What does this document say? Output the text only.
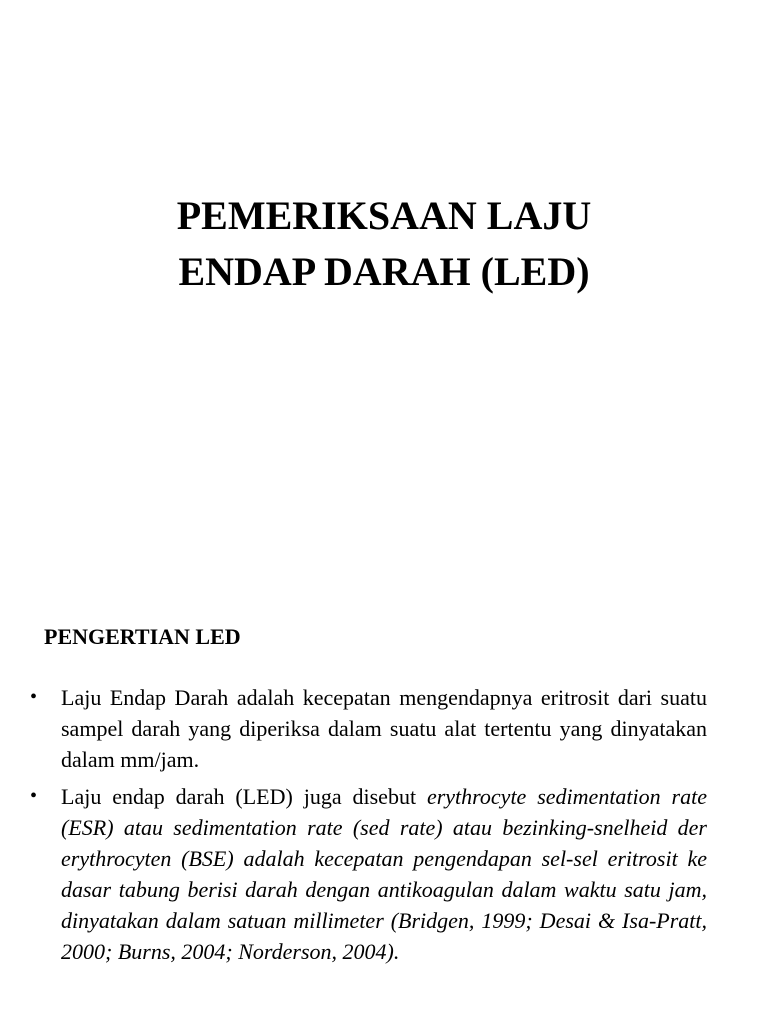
PEMERIKSAAN LAJU
ENDAP DARAH (LED)
PENGERTIAN LED
• Laju Endap Darah adalah kecepatan mengendapnya eritrosit dari suatu sampel darah yang diperiksa dalam suatu alat tertentu yang dinyatakan dalam mm/jam.
• Laju endap darah (LED) juga disebut erythrocyte sedimentation rate (ESR) atau sedimentation rate (sed rate) atau bezinking-snelheid der erythrocyten (BSE) adalah kecepatan pengendapan sel-sel eritrosit ke dasar tabung berisi darah dengan antikoagulan dalam waktu satu jam, dinyatakan dalam satuan millimeter (Bridgen, 1999; Desai & Isa-Pratt, 2000; Burns, 2004; Norderson, 2004).
